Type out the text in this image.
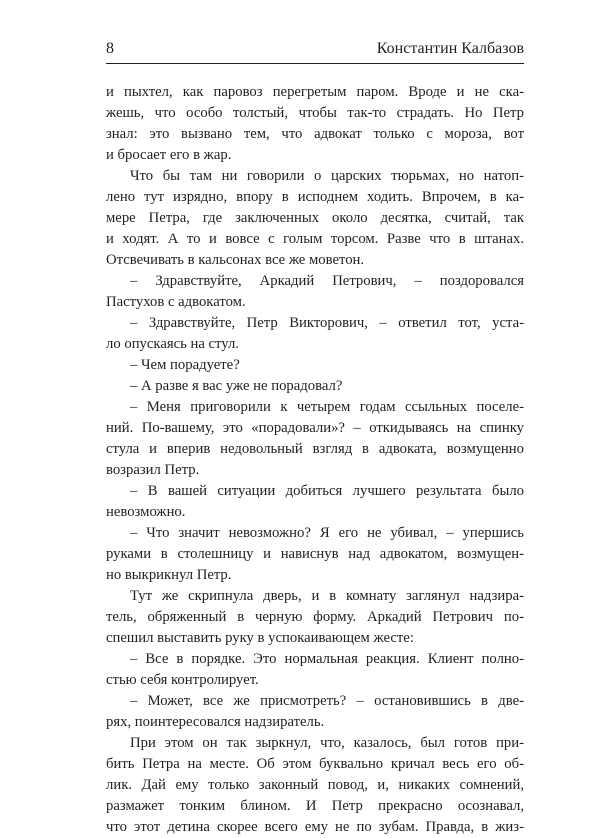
8	Константин Калбазов
и пыхтел, как паровоз перегретым паром. Вроде и не ска-
жешь, что особо толстый, чтобы так-то страдать. Но Петр
знал: это вызвано тем, что адвокат только с мороза, вот
и бросает его в жар.
Что бы там ни говорили о царских тюрьмах, но натоп-
лено тут изрядно, впору в исподнем ходить. Впрочем, в ка-
мере Петра, где заключенных около десятка, считай, так
и ходят. А то и вовсе с голым торсом. Разве что в штанах.
Отсвечивать в кальсонах все же моветон.
– Здравствуйте, Аркадий Петрович, – поздоровался
Пастухов с адвокатом.
– Здравствуйте, Петр Викторович, – ответил тот, уста-
ло опускаясь на стул.
– Чем порадуете?
– А разве я вас уже не порадовал?
– Меня приговорили к четырем годам ссыльных поселе-
ний. По-вашему, это «порадовали»? – откидываясь на спинку
стула и вперив недовольный взгляд в адвоката, возмущенно
возразил Петр.
– В вашей ситуации добиться лучшего результата было
невозможно.
– Что значит невозможно? Я его не убивал, – упершись
руками в столешницу и нависнув над адвокатом, возмущен-
но выкрикнул Петр.
Тут же скрипнула дверь, и в комнату заглянул надзира-
тель, обряженный в черную форму. Аркадий Петрович по-
спешил выставить руку в успокаивающем жесте:
– Все в порядке. Это нормальная реакция. Клиент полно-
стью себя контролирует.
– Может, все же присмотреть? – остановившись в две-
рях, поинтересовался надзиратель.
При этом он так зыркнул, что, казалось, был готов при-
бить Петра на месте. Об этом буквально кричал весь его об-
лик. Дай ему только законный повод, и, никаких сомнений,
размажет тонким блином. И Петр прекрасно осознавал,
что этот детина скорее всего ему не по зубам. Правда, в жиз-
